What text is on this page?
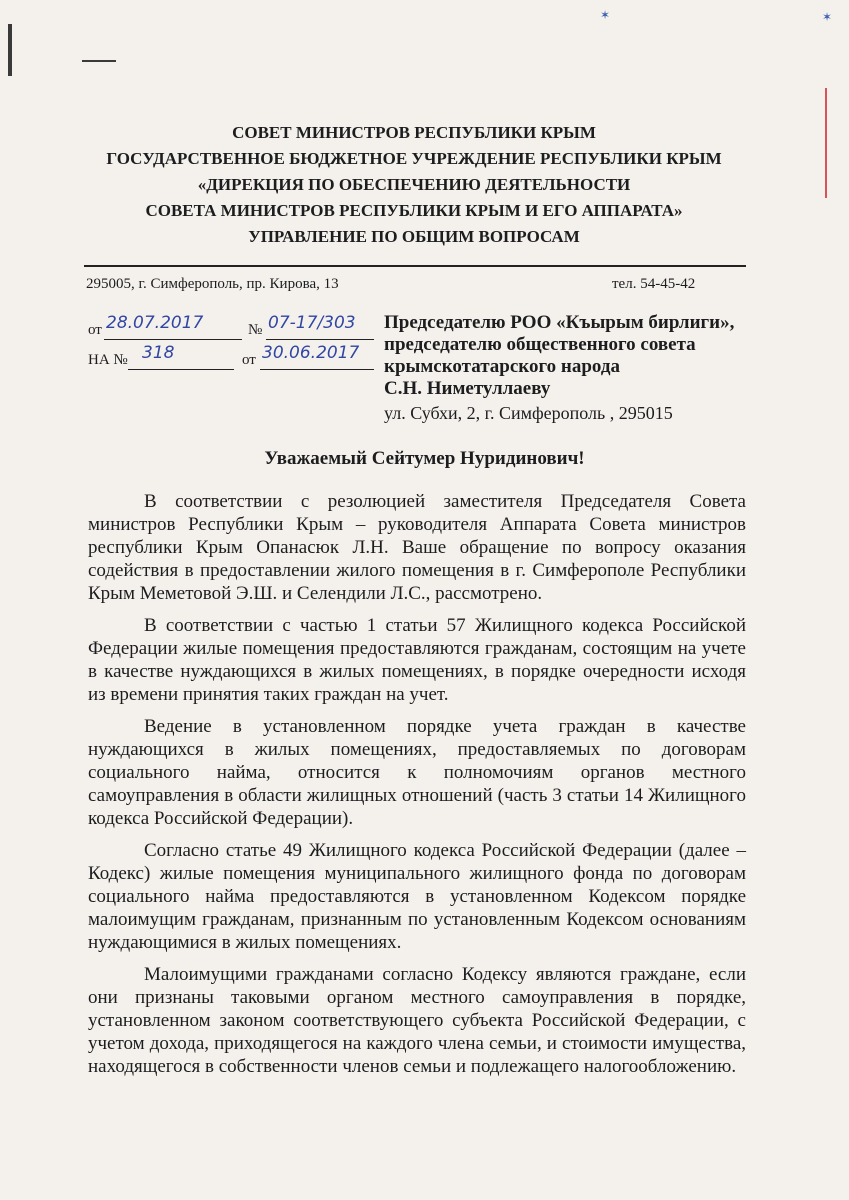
✶	✶
СОВЕТ МИНИСТРОВ РЕСПУБЛИКИ КРЫМ
ГОСУДАРСТВЕННОЕ БЮДЖЕТНОЕ УЧРЕЖДЕНИЕ РЕСПУБЛИКИ КРЫМ
«ДИРЕКЦИЯ ПО ОБЕСПЕЧЕНИЮ ДЕЯТЕЛЬНОСТИ
СОВЕТА МИНИСТРОВ РЕСПУБЛИКИ КРЫМ И ЕГО АППАРАТА»
УПРАВЛЕНИЕ ПО ОБЩИМ ВОПРОСАМ
295005, г. Симферополь, пр. Кирова, 13	тел. 54-45-42
от 28.07.2017	№ 07-17/303
НА № 318	от 30.06.2017
Председателю РОО «Къырым бирлиги»,
председателю общественного совета
крымскотатарского народа
С.Н. Ниметуллаеву
ул. Субхи, 2, г. Симферополь , 295015
Уважаемый Сейтумер Нуридинович!

В соответствии с резолюцией заместителя Председателя Совета министров Республики Крым – руководителя Аппарата Совета министров республики Крым Опанасюк Л.Н. Ваше обращение по вопросу оказания содействия в предоставлении жилого помещения в г. Симферополе Республики Крым Меметовой Э.Ш. и Селендили Л.С., рассмотрено.

В соответствии с частью 1 статьи 57 Жилищного кодекса Российской Федерации жилые помещения предоставляются гражданам, состоящим на учете в качестве нуждающихся в жилых помещениях, в порядке очередности исходя из времени принятия таких граждан на учет.

Ведение в установленном порядке учета граждан в качестве нуждающихся в жилых помещениях, предоставляемых по договорам социального найма, относится к полномочиям органов местного самоуправления в области жилищных отношений (часть 3 статьи 14 Жилищного кодекса Российской Федерации).

Согласно статье 49 Жилищного кодекса Российской Федерации (далее – Кодекс) жилые помещения муниципального жилищного фонда по договорам социального найма предоставляются в установленном Кодексом порядке малоимущим гражданам, признанным по установленным Кодексом основаниям нуждающимися в жилых помещениях.

Малоимущими гражданами согласно Кодексу являются граждане, если они признаны таковыми органом местного самоуправления в порядке, установленном законом соответствующего субъекта Российской Федерации, с учетом дохода, приходящегося на каждого члена семьи, и стоимости имущества, находящегося в собственности членов семьи и подлежащего налогообложению.
